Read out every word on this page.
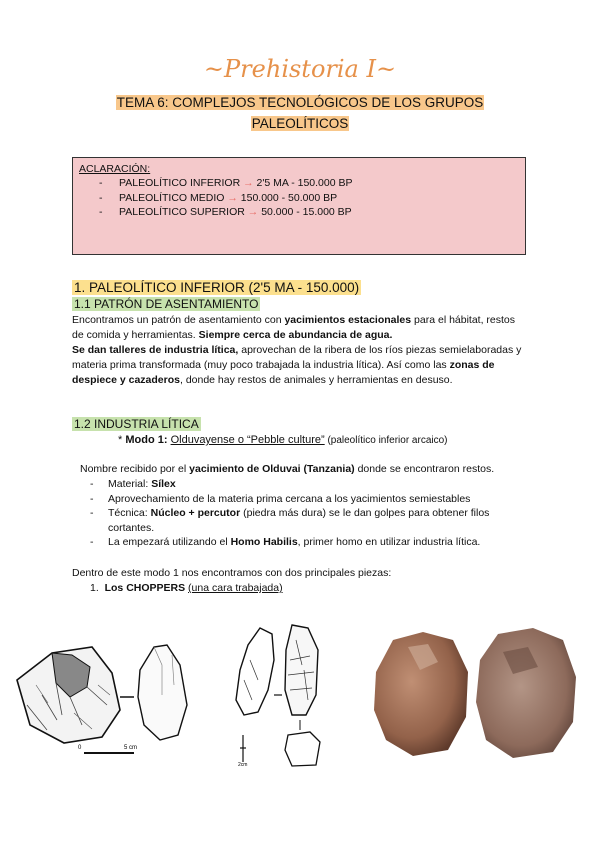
~Prehistoria I~
TEMA 6: COMPLEJOS TECNOLÓGICOS DE LOS GRUPOS
PALEOLÍTICOS
ACLARACIÓN:
- PALEOLÍTICO INFERIOR → 2'5 MA - 150.000 BP
- PALEOLÍTICO MEDIO → 150.000 - 50.000 BP
- PALEOLÍTICO SUPERIOR → 50.000 - 15.000 BP
1. PALEOLÍTICO INFERIOR (2'5 MA - 150.000)
1.1 PATRÓN DE ASENTAMIENTO
Encontramos un patrón de asentamiento con yacimientos estacionales para el hábitat, restos de comida y herramientas. Siempre cerca de abundancia de agua.
Se dan talleres de industria lítica, aprovechan de la ribera de los ríos piezas semielaboradas y materia prima transformada (muy poco trabajada la industria lítica). Así como las zonas de despiece y cazaderos, donde hay restos de animales y herramientas en desuso.
1.2 INDUSTRIA LÍTICA
* Modo 1: Olduvayense o “Pebble culture” (paleolítico inferior arcaico)
Nombre recibido por el yacimiento de Olduvai (Tanzania) donde se encontraron restos.
- Material: Sílex
- Aprovechamiento de la materia prima cercana a los yacimientos semiestables
- Técnica: Núcleo + percutor (piedra más dura) se le dan golpes para obtener filos cortantes.
- La empezará utilizando el Homo Habilis, primer homo en utilizar industria lítica.
Dentro de este modo 1 nos encontramos con dos principales piezas:
1. Los CHOPPERS (una cara trabajada)
0	5 cm
2cm
